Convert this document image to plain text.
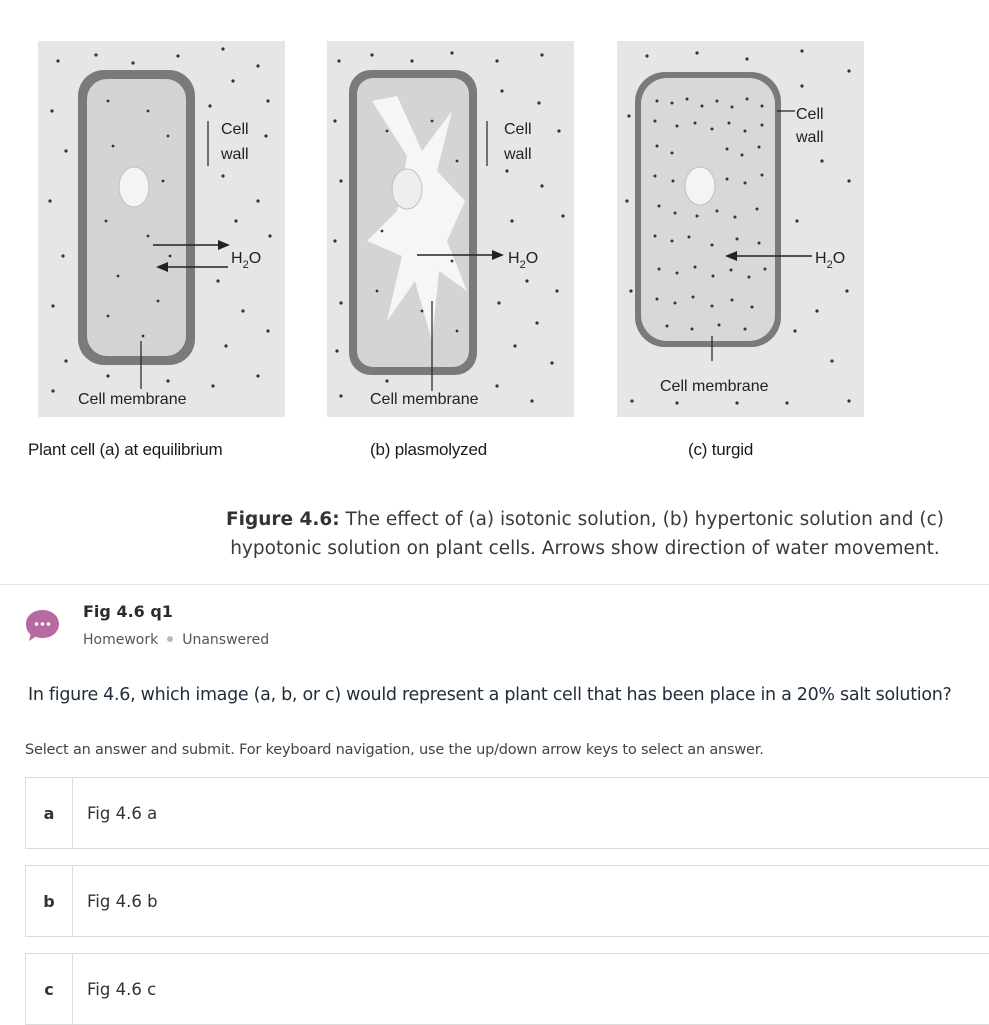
Cell
wall
$H_2O$
Cell membrane
Cell
wall
$H_2O$
Cell membrane
Cell
wall
$H_2O$
Cell membrane
Plant cell (a) at equilibrium	(b) plasmolyzed	(c) turgid
Figure 4.6: The effect of (a) isotonic solution, (b) hypertonic solution and (c) hypotonic solution on plant cells. Arrows show direction of water movement.
Fig 4.6 q1
Homework Unanswered
In figure 4.6, which image (a, b, or c) would represent a plant cell that has been place in a 20% salt solution?
Select an answer and submit. For keyboard navigation, use the up/down arrow keys to select an answer.
a	Fig 4.6 a
b	Fig 4.6 b
c	Fig 4.6 c
